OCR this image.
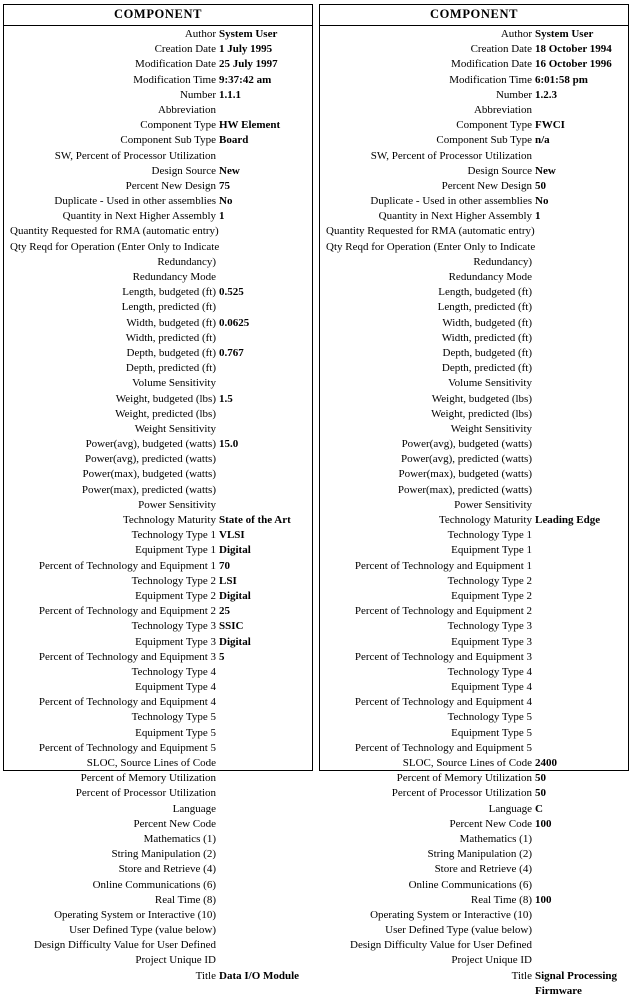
COMPONENT
Author System User
Creation Date 1 July 1995
Modification Date 25 July 1997
Modification Time 9:37:42 am
Number 1.1.1
Abbreviation
Component Type HW Element
Component Sub Type Board
SW, Percent of Processor Utilization
Design Source New
Percent New Design 75
Duplicate - Used in other assemblies No
Quantity in Next Higher Assembly 1
Quantity Requested for RMA (automatic entry)
Qty Reqd for Operation (Enter Only to Indicate
Redundancy)
Redundancy Mode
Length, budgeted (ft) 0.525
Length, predicted (ft)
Width, budgeted (ft) 0.0625
Width, predicted (ft)
Depth, budgeted (ft) 0.767
Depth, predicted (ft)
Volume Sensitivity
Weight, budgeted (lbs) 1.5
Weight, predicted (lbs)
Weight Sensitivity
Power(avg), budgeted (watts) 15.0
Power(avg), predicted (watts)
Power(max), budgeted (watts)
Power(max), predicted (watts)
Power Sensitivity
Technology Maturity State of the Art
Technology Type 1 VLSI
Equipment Type 1 Digital
Percent of Technology and Equipment 1 70
Technology Type 2 LSI
Equipment Type 2 Digital
Percent of Technology and Equipment 2 25
Technology Type 3 SSIC
Equipment Type 3 Digital
Percent of Technology and Equipment 3 5
Technology Type 4
Equipment Type 4
Percent of Technology and Equipment 4
Technology Type 5
Equipment Type 5
Percent of Technology and Equipment 5
SLOC, Source Lines of Code
Percent of Memory Utilization
Percent of Processor Utilization
Language
Percent New Code
Mathematics (1)
String Manipulation (2)
Store and Retrieve (4)
Online Communications (6)
Real Time (8)
Operating System or Interactive (10)
User Defined Type (value below)
Design Difficulty Value for User Defined
Project Unique ID
Title Data I/O Module
COMPONENT
Author System User
Creation Date 18 October 1994
Modification Date 16 October 1996
Modification Time 6:01:58 pm
Number 1.2.3
Abbreviation
Component Type FWCI
Component Sub Type n/a
SW, Percent of Processor Utilization
Design Source New
Percent New Design 50
Duplicate - Used in other assemblies No
Quantity in Next Higher Assembly 1
Quantity Requested for RMA (automatic entry)
Qty Reqd for Operation (Enter Only to Indicate
Redundancy)
Redundancy Mode
Length, budgeted (ft)
Length, predicted (ft)
Width, budgeted (ft)
Width, predicted (ft)
Depth, budgeted (ft)
Depth, predicted (ft)
Volume Sensitivity
Weight, budgeted (lbs)
Weight, predicted (lbs)
Weight Sensitivity
Power(avg), budgeted (watts)
Power(avg), predicted (watts)
Power(max), budgeted (watts)
Power(max), predicted (watts)
Power Sensitivity
Technology Maturity Leading Edge
Technology Type 1
Equipment Type 1
Percent of Technology and Equipment 1
Technology Type 2
Equipment Type 2
Percent of Technology and Equipment 2
Technology Type 3
Equipment Type 3
Percent of Technology and Equipment 3
Technology Type 4
Equipment Type 4
Percent of Technology and Equipment 4
Technology Type 5
Equipment Type 5
Percent of Technology and Equipment 5
SLOC, Source Lines of Code 2400
Percent of Memory Utilization 50
Percent of Processor Utilization 50
Language C
Percent New Code 100
Mathematics (1)
String Manipulation (2)
Store and Retrieve (4)
Online Communications (6)
Real Time (8) 100
Operating System or Interactive (10)
User Defined Type (value below)
Design Difficulty Value for User Defined
Project Unique ID
Title Signal Processing
Firmware
